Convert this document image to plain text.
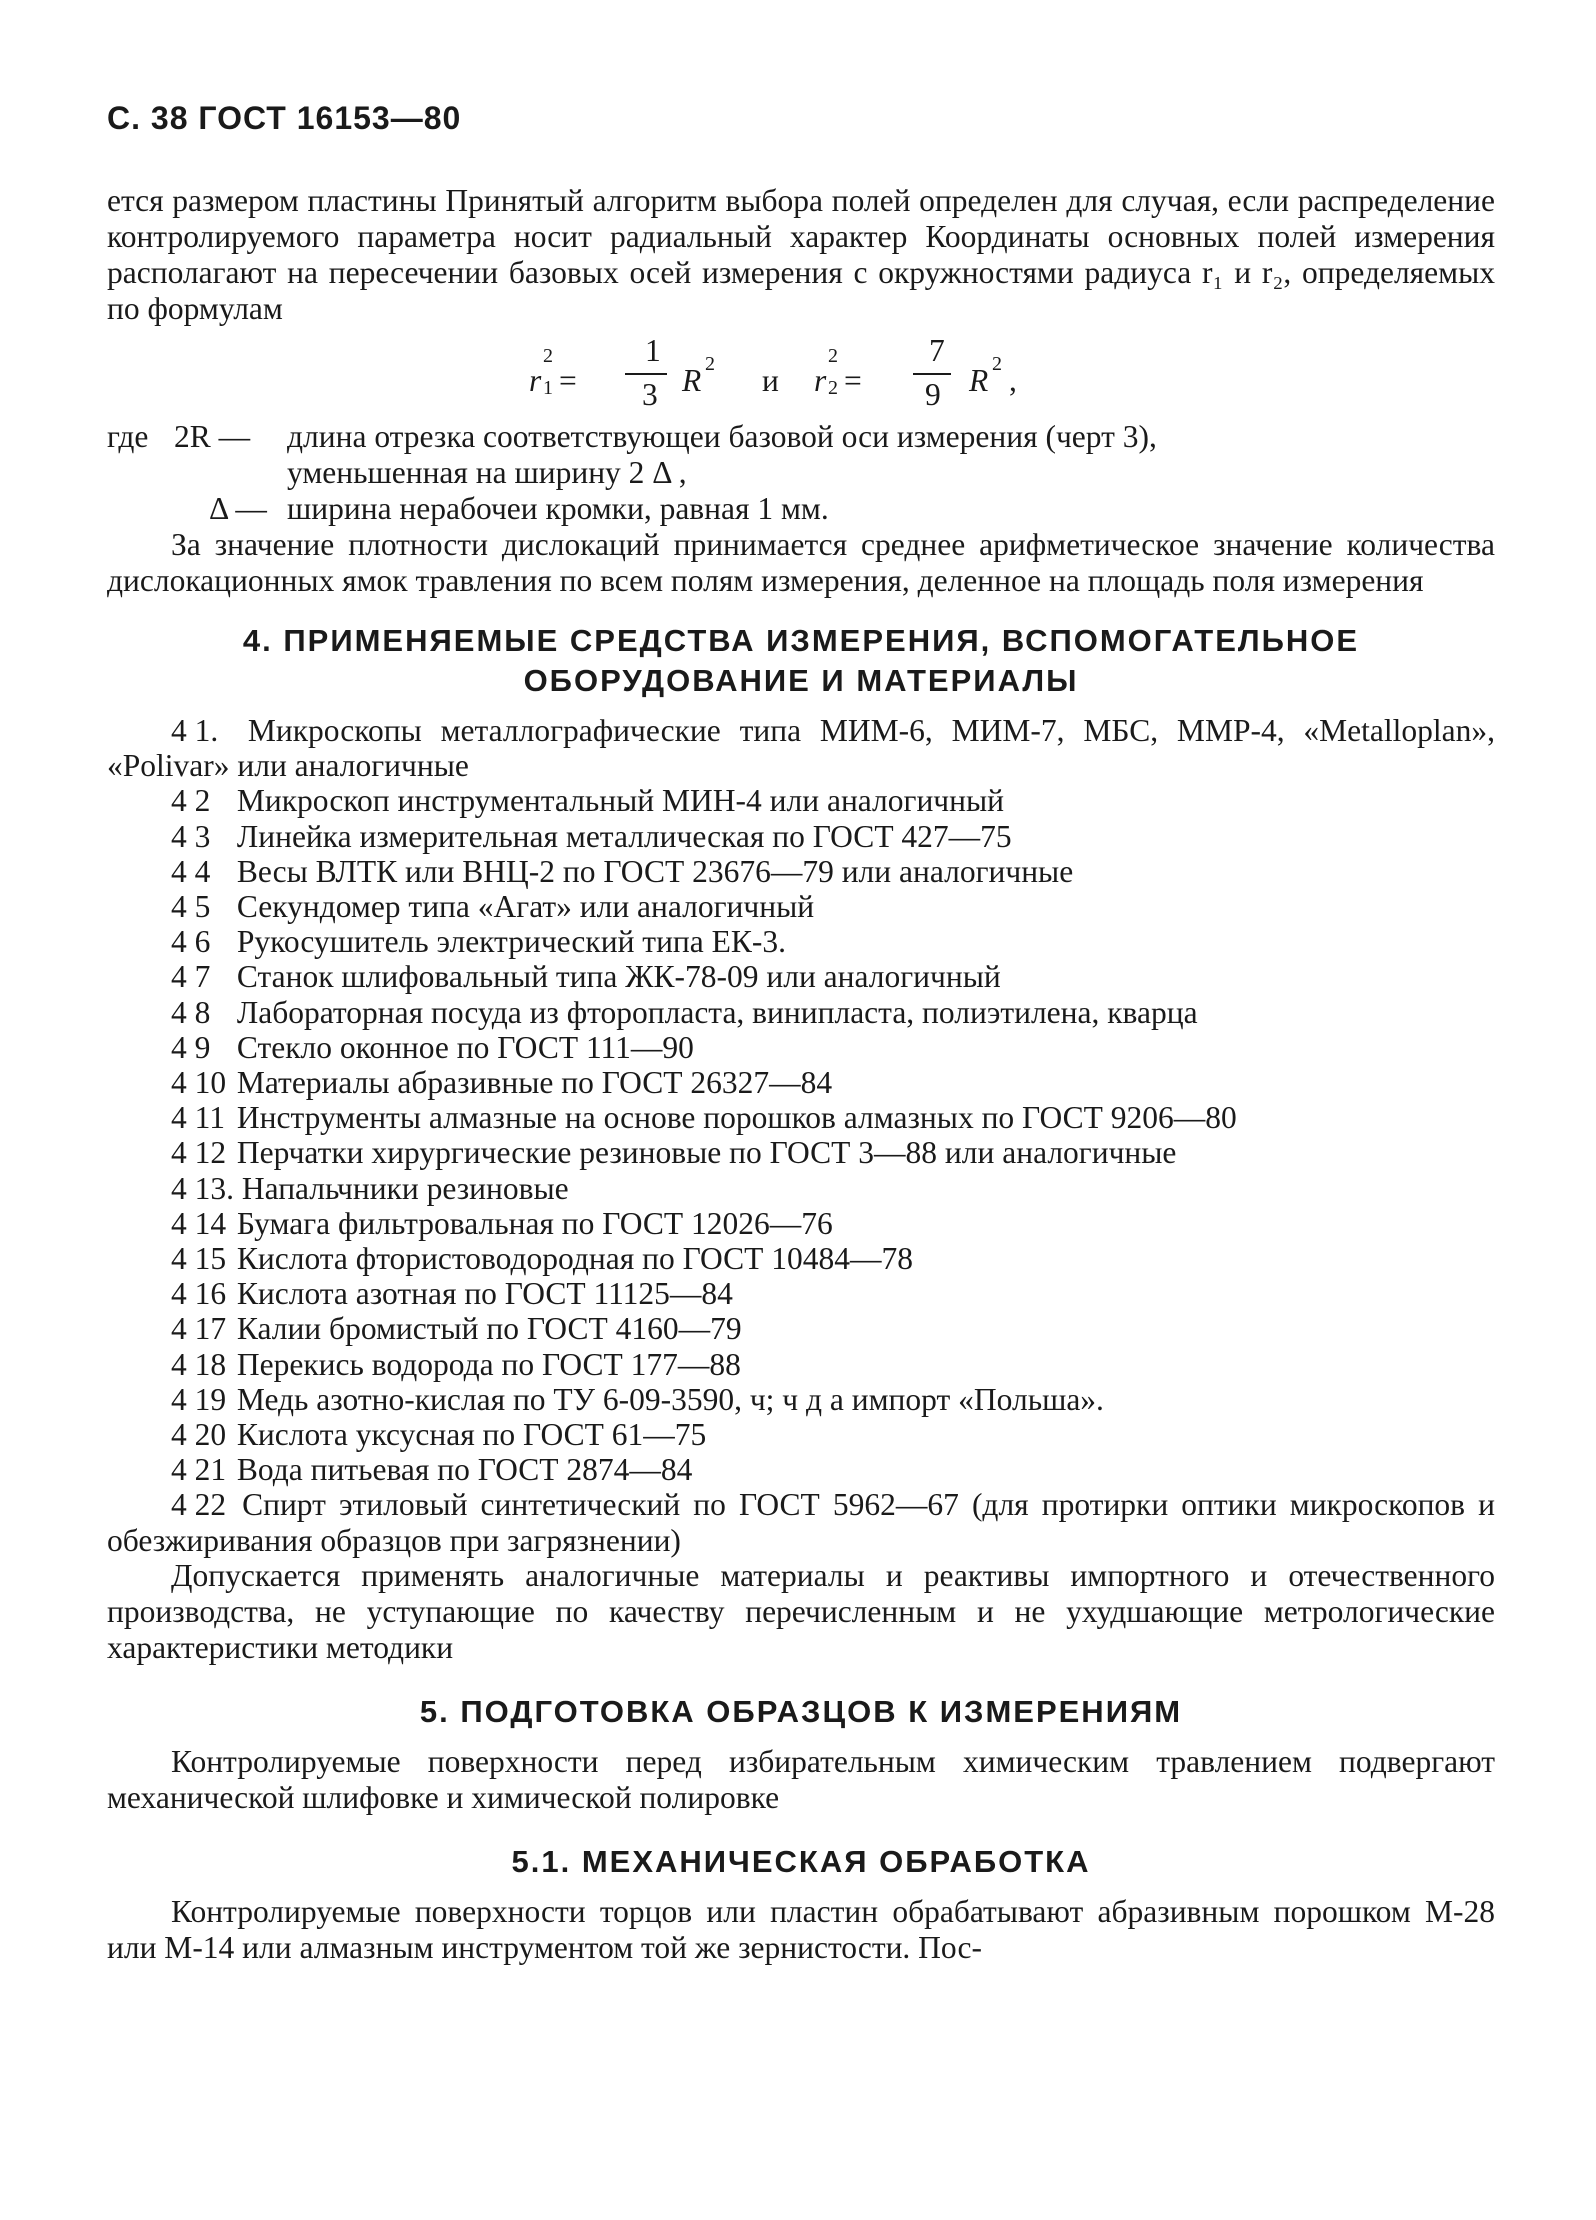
С. 38 ГОСТ 16153—80

ется размером пластины Принятый алгоритм выбора полей определен для случая, если распределение контролируемого параметра носит радиальный характер Координаты основных полей измерения располагают на пересечении базовых осей измерения с окружностями радиуса r₁ и r₂, определяемых по формулам

r
2
1 =
1
3 R 2 и r
2
2 =
7
9 R 2 ,
где 2R — длина отрезка соответствующеи базовой оси измерения (черт 3),
уменьшенная на ширину 2 Δ ,
Δ — ширина нерабочеи кромки, равная 1 мм.

За значение плотности дислокаций принимается среднее арифметическое значение количества дислокационных ямок травления по всем полям измерения, деленное на площадь поля измерения

4. ПРИМЕНЯЕМЫЕ СРЕДСТВА ИЗМЕРЕНИЯ, ВСПОМОГАТЕЛЬНОЕ
ОБОРУДОВАНИЕ И МАТЕРИАЛЫ
4 1. Микроскопы металлографические типа МИМ-6, МИМ-7, МБС, ММР-4, «Metalloplan», «Polivar» или аналогичные
4 2 Микроскоп инструментальный МИН-4 или аналогичный
4 3 Линейка измерительная металлическая по ГОСТ 427—75
4 4 Весы ВЛТК или ВНЦ-2 по ГОСТ 23676—79 или аналогичные
4 5 Секундомер типа «Агат» или аналогичный
4 6 Рукосушитель электрический типа ЕК-3.
4 7 Станок шлифовальный типа ЖК-78-09 или аналогичный
4 8 Лабораторная посуда из фторопласта, винипласта, полиэтилена, кварца
4 9 Стекло оконное по ГОСТ 111—90
4 10 Материалы абразивные по ГОСТ 26327—84
4 11 Инструменты алмазные на основе порошков алмазных по ГОСТ 9206—80
4 12 Перчатки хирургические резиновые по ГОСТ 3—88 или аналогичные
4 13. Напальчники резиновые
4 14 Бумага фильтровальная по ГОСТ 12026—76
4 15 Кислота фтористоводородная по ГОСТ 10484—78
4 16 Кислота азотная по ГОСТ 11125—84
4 17 Калии бромистый по ГОСТ 4160—79
4 18 Перекись водорода по ГОСТ 177—88
4 19 Медь азотно-кислая по ТУ 6-09-3590, ч; ч д а импорт «Польша».
4 20 Кислота уксусная по ГОСТ 61—75
4 21 Вода питьевая по ГОСТ 2874—84
4 22 Спирт этиловый синтетический по ГОСТ 5962—67 (для протирки оптики микроскопов и обезжиривания образцов при загрязнении)

Допускается применять аналогичные материалы и реактивы импортного и отечественного производства, не уступающие по качеству перечисленным и не ухудшающие метрологические характеристики методики

5. ПОДГОТОВКА ОБРАЗЦОВ К ИЗМЕРЕНИЯМ

Контролируемые поверхности перед избирательным химическим травлением подвергают механической шлифовке и химической полировке

5.1. МЕХАНИЧЕСКАЯ ОБРАБОТКА

Контролируемые поверхности торцов или пластин обрабатывают абразивным порошком М-28 или М-14 или алмазным инструментом той же зернистости. Пос-
